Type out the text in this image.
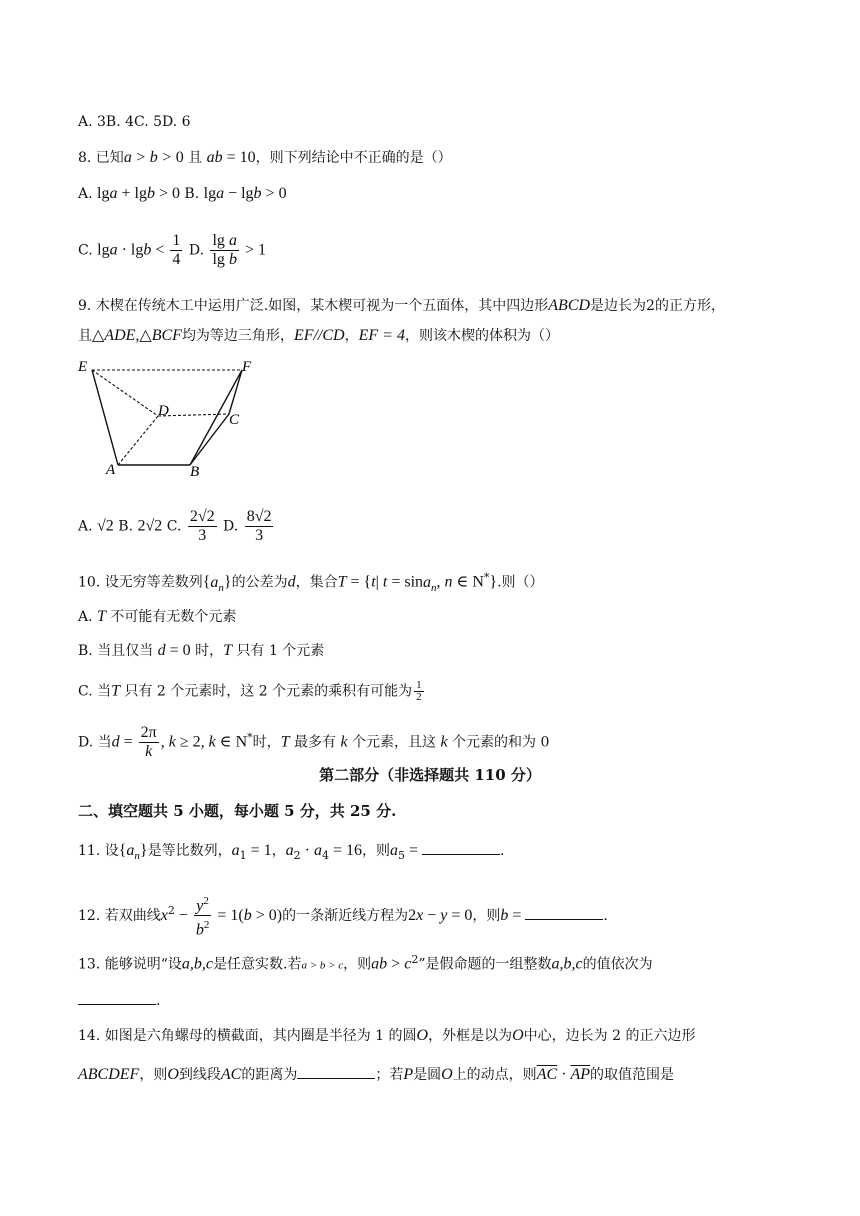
A. 3B. 4C. 5D. 6
8. 已知a > b > 0 且 ab = 10，则下列结论中不正确的是（）
A. lga + lgb > 0 B. lga − lgb > 0
C. $\lg a \cdot \lg b < \frac{1}{4} D$. $\frac{\text{lg a}}{\text{lg b}} > 1$
9. 木楔在传统木工中运用广泛.如图，某木楔可视为一个五面体，其中四边形ABCD是边长为2的正方形，
且△ADE,△BCF均为等边三角形，EF//CD，EF = 4，则该木楔的体积为（）
E	F
D
C
A	B
A. √2 B. 2√2 C. $\frac{2√2}{3} D$. $\frac{8√2}{3}$
10. 设无穷等差数列$\{a_n\}$的公差为d，集合T = {t| t = sina$_n$, n ∈ N*}.则（）
A. T 不可能有无数个元素
B. 当且仅当 d = 0 时，T 只有 1 个元素
C. 当T 只有 2 个元素时，这 2 个元素的乘积有可能为 $\frac{1}{2}$
D. 当$d = \frac{2\pi}{k}$ , k ≥ 2, k ∈ N*时，T 最多有 k 个元素，且这 k 个元素的和为 0
第二部分（非选择题共 110 分）
二、填空题共 5 小题，每小题 5 分，共 25 分.
11. 设$\{a_n\}$是等比数列，$a_1 = 1$，$a_2 \cdot a_4 = 16$，则$a_5$ =	.
12. 若双曲线$x^2 - \frac{y^2}{b^2} = 1(b > 0)$的一条渐近线方程为2x − y = 0，则b =	.
13. 能够说明“设a,b,c是任意实数.若a > b > c，则ab > $c^2$”是假命题的一组整数a,b,c的值依次为
.
14. 如图是六角螺母的横截面，其内圈是半径为 1 的圆O，外框是以为O中心，边长为 2 的正六边形
ABCDEF，则O到线段AC的距离为	；若P是圆O上的动点，则$\overline{AC} \cdot \overline{AP}$的取值范围是
